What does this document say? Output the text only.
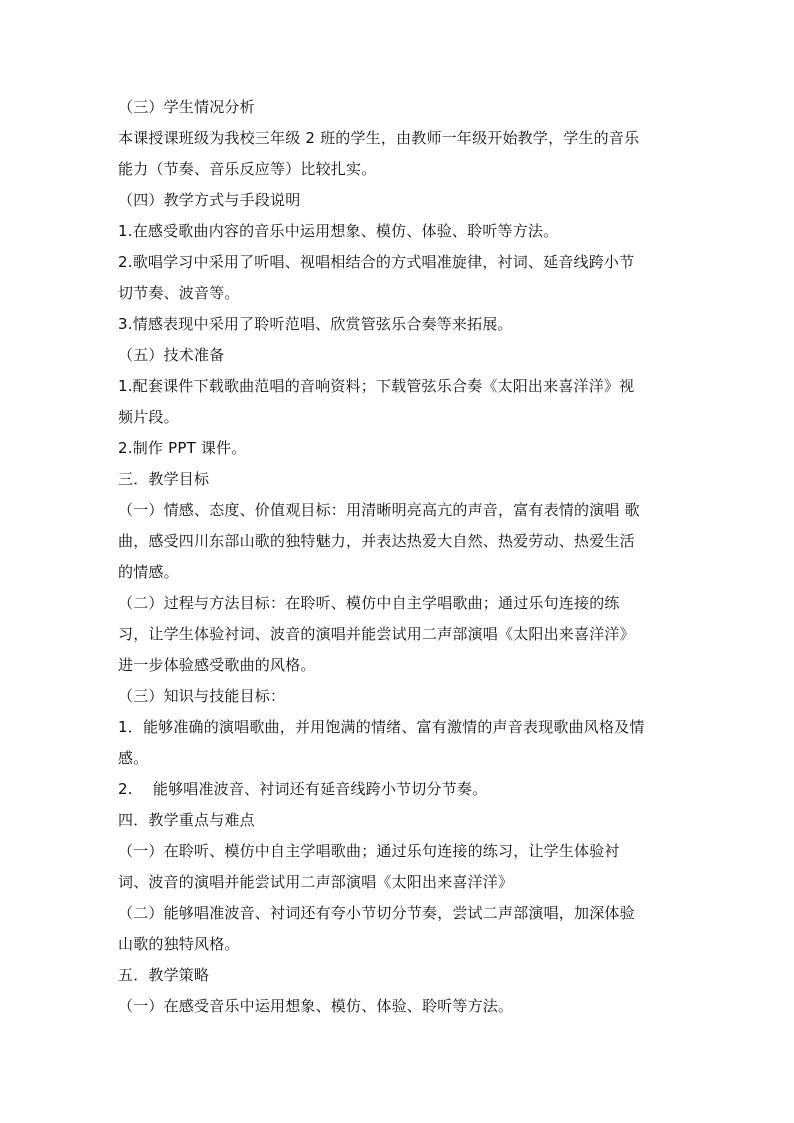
（三）学生情况分析
本课授课班级为我校三年级 2 班的学生，由教师一年级开始教学，学生的音乐
能力（节奏、音乐反应等）比较扎实。
（四）教学方式与手段说明
1.在感受歌曲内容的音乐中运用想象、模仿、体验、聆听等方法。
2.歌唱学习中采用了听唱、视唱相结合的方式唱准旋律，衬词、延音线跨小节
切节奏、波音等。
3.情感表现中采用了聆听范唱、欣赏管弦乐合奏等来拓展。
（五）技术准备
1.配套课件下载歌曲范唱的音响资料；下载管弦乐合奏《太阳出来喜洋洋》视
频片段。
2.制作 PPT 课件。
三．教学目标
（一）情感、态度、价值观目标：用清晰明亮高亢的声音，富有表情的演唱 歌
曲，感受四川东部山歌的独特魅力，并表达热爱大自然、热爱劳动、热爱生活
的情感。
（二）过程与方法目标：在聆听、模仿中自主学唱歌曲；通过乐句连接的练
习，让学生体验衬词、波音的演唱并能尝试用二声部演唱《太阳出来喜洋洋》
进一步体验感受歌曲的风格。
（三）知识与技能目标：
1．能够准确的演唱歌曲，并用饱满的情绪、富有激情的声音表现歌曲风格及情
感。
2.　 能够唱准波音、衬词还有延音线跨小节切分节奏。
四．教学重点与难点
（一）在聆听、模仿中自主学唱歌曲；通过乐句连接的练习，让学生体验衬
词、波音的演唱并能尝试用二声部演唱《太阳出来喜洋洋》
（二）能够唱准波音、衬词还有夸小节切分节奏，尝试二声部演唱，加深体验
山歌的独特风格。
五．教学策略
（一）在感受音乐中运用想象、模仿、体验、聆听等方法。
